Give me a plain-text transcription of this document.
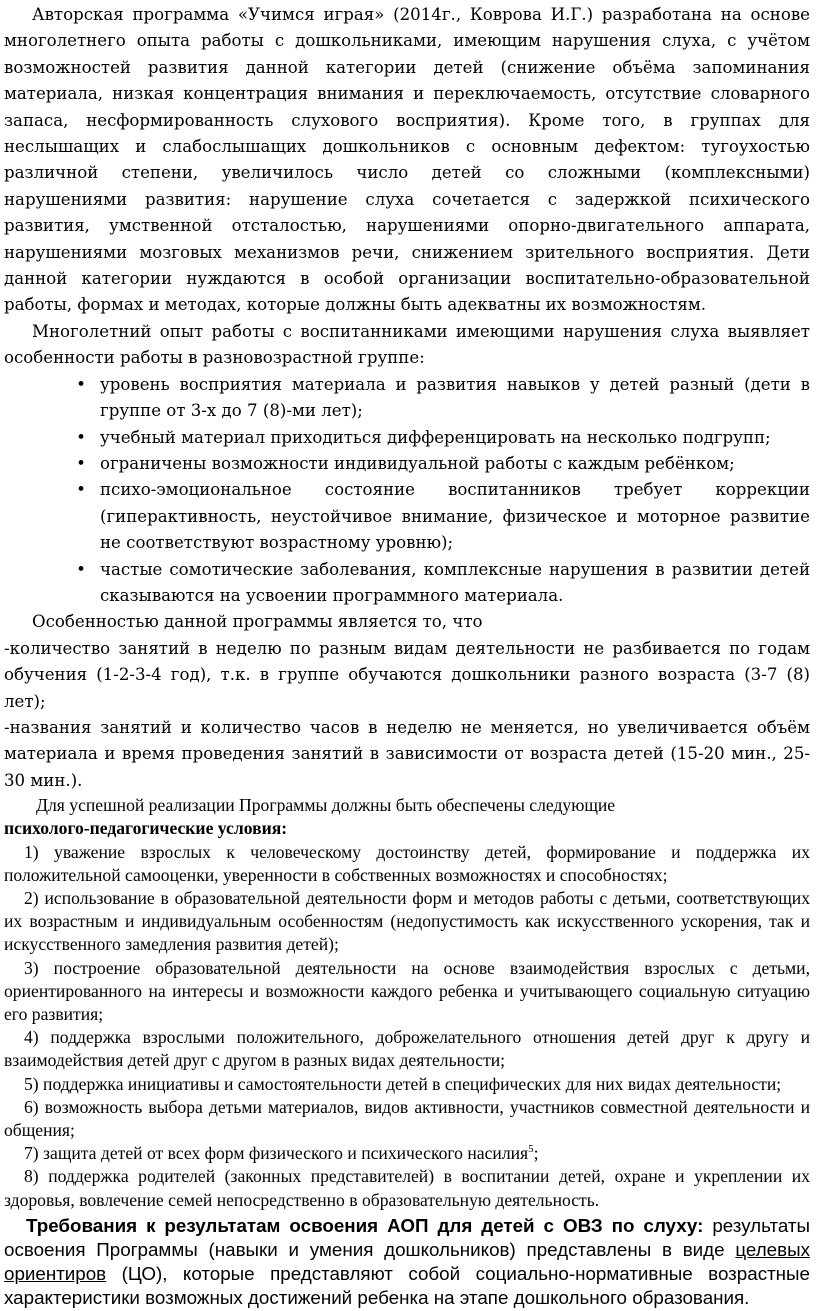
Авторская программа «Учимся играя» (2014г., Коврова И.Г.) разработана на основе многолетнего опыта работы с дошкольниками, имеющим нарушения слуха, с учётом возможностей развития данной категории детей (снижение объёма запоминания материала, низкая концентрация внимания и переключаемость, отсутствие словарного запаса, несформированность слухового восприятия). Кроме того, в группах для неслышащих и слабослышащих дошкольников с основным дефектом: тугоухостью различной степени, увеличилось число детей со сложными (комплексными) нарушениями развития: нарушение слуха сочетается с задержкой психического развития, умственной отсталостью, нарушениями опорно-двигательного аппарата, нарушениями мозговых механизмов речи, снижением зрительного восприятия. Дети данной категории нуждаются в особой организации воспитательно-образовательной работы, формах и методах, которые должны быть адекватны их возможностям.

Многолетний опыт работы с воспитанниками имеющими нарушения слуха выявляет особенности работы в разновозрастной группе:

• уровень восприятия материала и развития навыков у детей разный (дети в группе от 3-х до 7 (8)-ми лет);
• учебный материал приходиться дифференцировать на несколько подгрупп;
• ограничены возможности индивидуальной работы с каждым ребёнком;
• психо-эмоциональное состояние воспитанников требует коррекции (гиперактивность, неустойчивое внимание, физическое и моторное развитие не соответствуют возрастному уровню);
• частые сомотические заболевания, комплексные нарушения в развитии детей сказываются на усвоении программного материала.

Особенностью данной программы является то, что

-количество занятий в неделю по разным видам деятельности не разбивается по годам обучения (1-2-3-4 год), т.к. в группе обучаются дошкольники разного возраста (3-7 (8) лет);

-названия занятий и количество часов в неделю не меняется, но увеличивается объём материала и время проведения занятий в зависимости от возраста детей (15-20 мин., 25-30 мин.).

Для успешной реализации Программы должны быть обеспечены следующие

психолого-педагогические условия:

1) уважение взрослых к человеческому достоинству детей, формирование и поддержка их положительной самооценки, уверенности в собственных возможностях и способностях;

2) использование в образовательной деятельности форм и методов работы с детьми, соответствующих их возрастным и индивидуальным особенностям (недопустимость как искусственного ускорения, так и искусственного замедления развития детей);

3) построение образовательной деятельности на основе взаимодействия взрослых с детьми, ориентированного на интересы и возможности каждого ребенка и учитывающего социальную ситуацию его развития;

4) поддержка взрослыми положительного, доброжелательного отношения детей друг к другу и взаимодействия детей друг с другом в разных видах деятельности;

5) поддержка инициативы и самостоятельности детей в специфических для них видах деятельности;

6) возможность выбора детьми материалов, видов активности, участников совместной деятельности и общения;

7) защита детей от всех форм физического и психического насилия$^5$;

8) поддержка родителей (законных представителей) в воспитании детей, охране и укреплении их здоровья, вовлечение семей непосредственно в образовательную деятельность.

Требования к результатам освоения АОП для детей с ОВЗ по слуху: результаты освоения Программы (навыки и умения дошкольников) представлены в виде целевых ориентиров (ЦО), которые представляют собой социально-нормативные возрастные характеристики возможных достижений ребенка на этапе дошкольного образования.
